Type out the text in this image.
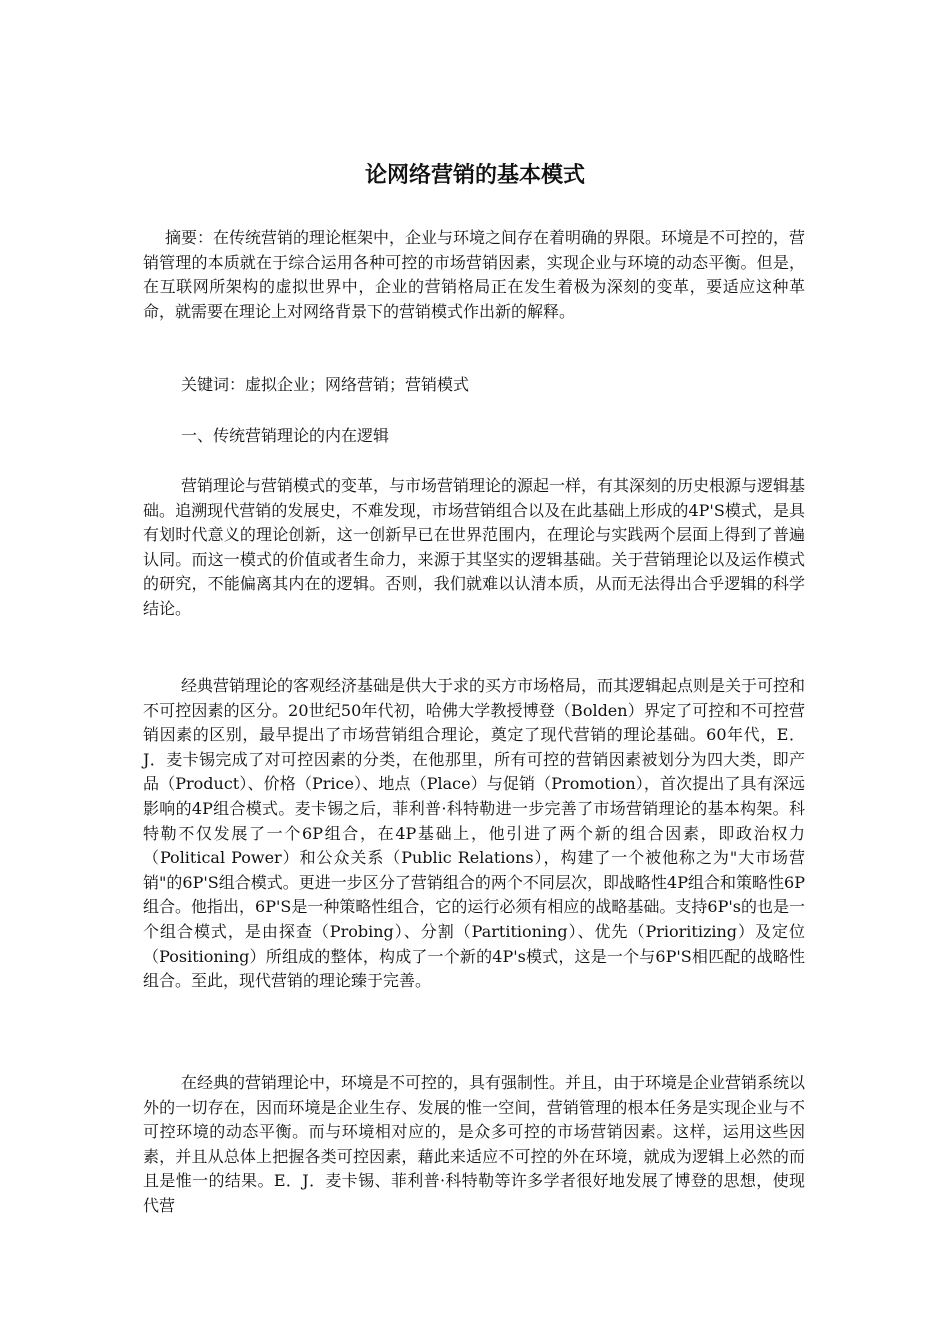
论网络营销的基本模式

摘要：在传统营销的理论框架中，企业与环境之间存在着明确的界限。环境是不可控的，营销管理的本质就在于综合运用各种可控的市场营销因素，实现企业与环境的动态平衡。但是，在互联网所架构的虚拟世界中，企业的营销格局正在发生着极为深刻的变革，要适应这种革命，就需要在理论上对网络背景下的营销模式作出新的解释。

关键词：虚拟企业；网络营销；营销模式

一、传统营销理论的内在逻辑

营销理论与营销模式的变革，与市场营销理论的源起一样，有其深刻的历史根源与逻辑基础。追溯现代营销的发展史，不难发现，市场营销组合以及在此基础上形成的4P'S模式，是具有划时代意义的理论创新，这一创新早已在世界范围内，在理论与实践两个层面上得到了普遍认同。而这一模式的价值或者生命力，来源于其坚实的逻辑基础。关于营销理论以及运作模式的研究，不能偏离其内在的逻辑。否则，我们就难以认清本质，从而无法得出合乎逻辑的科学结论。

经典营销理论的客观经济基础是供大于求的买方市场格局，而其逻辑起点则是关于可控和不可控因素的区分。20世纪50年代初，哈佛大学教授博登（Bolden）界定了可控和不可控营销因素的区别，最早提出了市场营销组合理论，奠定了现代营销的理论基础。60年代，E．J．麦卡锡完成了对可控因素的分类，在他那里，所有可控的营销因素被划分为四大类，即产品（Product）、价格（Price）、地点（Place）与促销（Promotion），首次提出了具有深远影响的4P组合模式。麦卡锡之后，菲利普·科特勒进一步完善了市场营销理论的基本构架。科特勒不仅发展了一个6P组合，在4P基础上，他引进了两个新的组合因素，即政治权力（Political Power）和公众关系（Public Relations），构建了一个被他称之为"大市场营销"的6P'S组合模式。更进一步区分了营销组合的两个不同层次，即战略性4P组合和策略性6P组合。他指出，6P'S是一种策略性组合，它的运行必须有相应的战略基础。支持6P's的也是一个组合模式，是由探查（Probing）、分割（Partitioning）、优先（Prioritizing）及定位（Positioning）所组成的整体，构成了一个新的4P's模式，这是一个与6P'S相匹配的战略性组合。至此，现代营销的理论臻于完善。

在经典的营销理论中，环境是不可控的，具有强制性。并且，由于环境是企业营销系统以外的一切存在，因而环境是企业生存、发展的惟一空间，营销管理的根本任务是实现企业与不可控环境的动态平衡。而与环境相对应的，是众多可控的市场营销因素。这样，运用这些因素，并且从总体上把握各类可控因素，藉此来适应不可控的外在环境，就成为逻辑上必然的而且是惟一的结果。E．J．麦卡锡、菲利普·科特勒等许多学者很好地发展了博登的思想，使现代营
